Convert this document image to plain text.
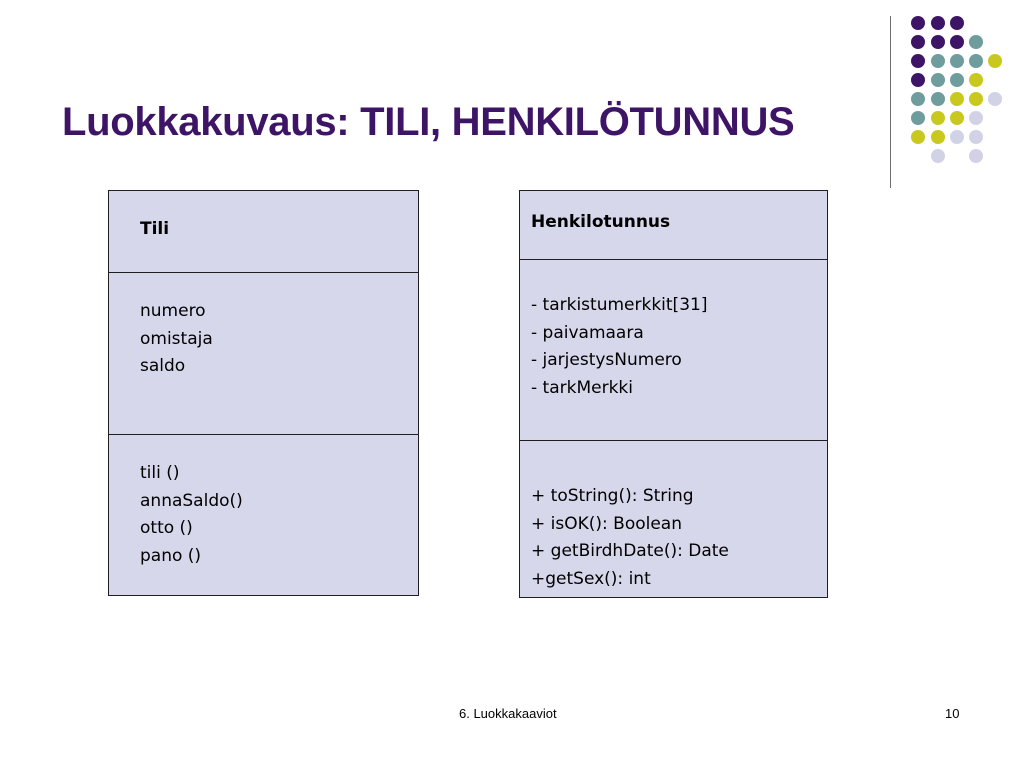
Luokkakuvaus: TILI, HENKILÖTUNNUS
Tili
numero
omistaja
saldo
tili ()
annaSaldo()
otto ()
pano ()
Henkilotunnus
- tarkistumerkkit[31]
- paivamaara
- jarjestysNumero
- tarkMerkki
+ toString(): String
+ isOK(): Boolean
+ getBirdhDate(): Date
+getSex(): int
6. Luokkakaaviot	10
